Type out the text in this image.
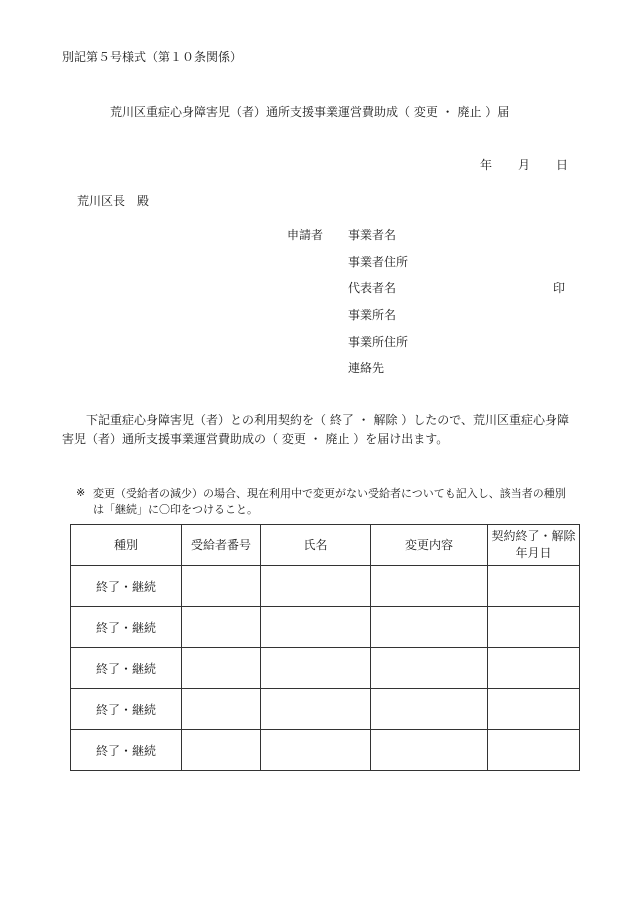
別記第５号様式（第１０条関係）
荒川区重症心身障害児（者）通所支援事業運営費助成（ 変更 ・ 廃止 ）届
年 月 日
荒川区長　殿
申請者 事業者名
事業者住所
代表者名
事業所名
事業所住所
連絡先
印
下記重症心身障害児（者）との利用契約を（ 終了 ・ 解除 ）したので、荒川区重症心身障害児（者）通所支援事業運営費助成の（ 変更 ・ 廃止 ）を届け出ます。
※ 変更（受給者の減少）の場合、現在利用中で変更がない受給者についても記入し、該当者の種別は「継続」に〇印をつけること。
種別	受給者番号	氏名	変更内容	契約終了・解除 年月日
終了・継続				
終了・継続				
終了・継続				
終了・継続				
終了・継続				
